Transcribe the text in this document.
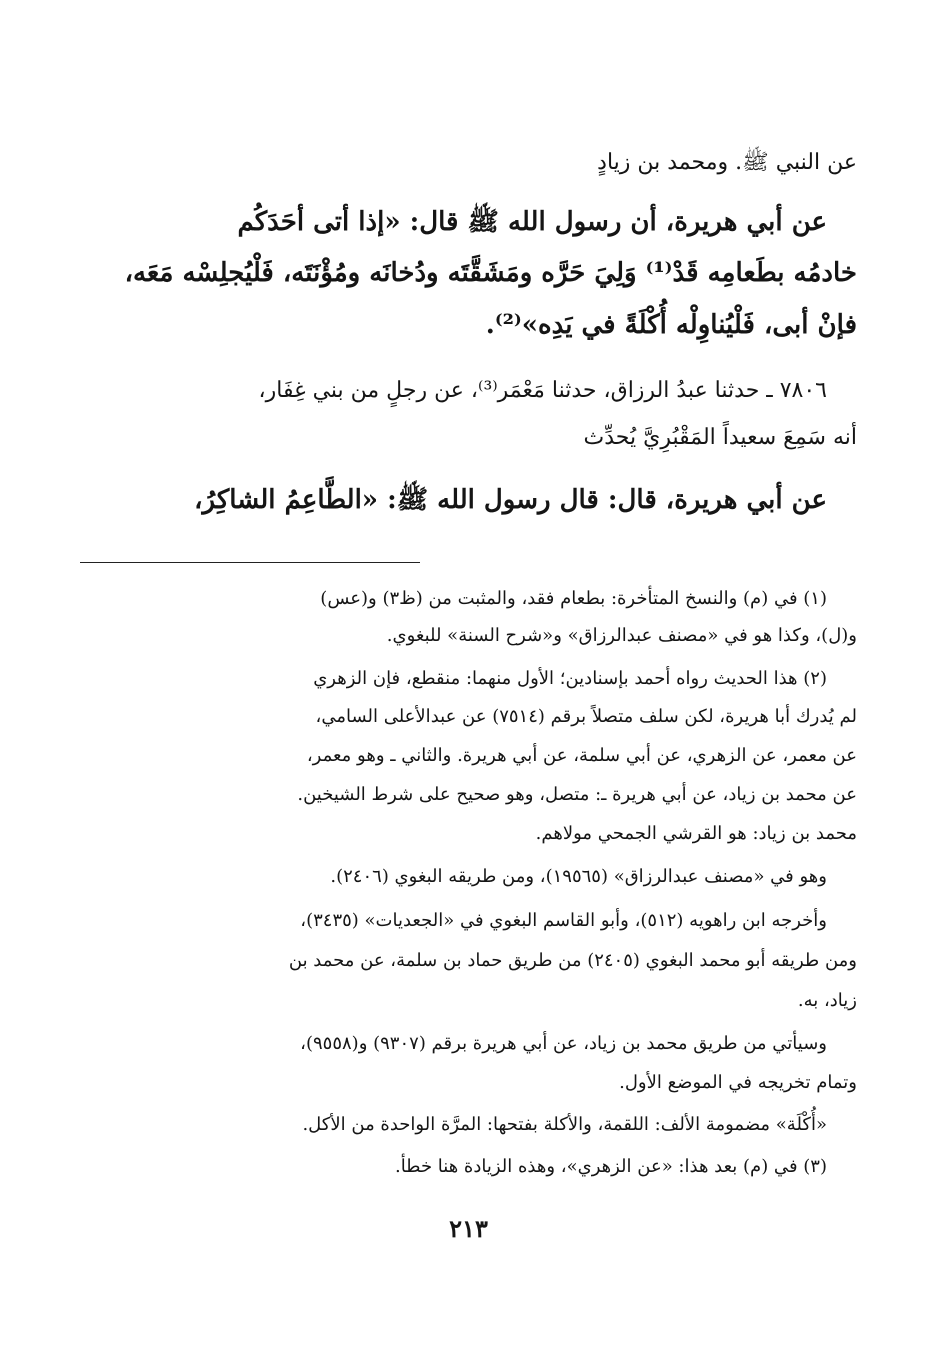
عن النبي ﷺ. ومحمد بن زيادٍ
عن أبي هريرة، أن رسول الله ﷺ قال: «إذا أتى أحَدَكُم
خادمُه بطَعامِه قَدْ⁽¹⁾ وَلِيَ حَرَّه ومَشَقَّتَه ودُخانَه ومُؤْنَتَه، فَلْيُجلِسْه مَعَه،
فإنْ أبى، فَلْيُناوِلْه أُكْلَةً في يَدِه»⁽²⁾.
٧٨٠٦ ـ حدثنا عبدُ الرزاق، حدثنا مَعْمَر⁽³⁾، عن رجلٍ من بني غِفَار،
أنه سَمِعَ سعيداً المَقْبُرِيَّ يُحدِّث
عن أبي هريرة، قال: قال رسول الله ﷺ: «الطَّاعِمُ الشاكِرُ،
(١) في (م) والنسخ المتأخرة: بطعام فقد، والمثبت من (ظ٣) و(عس)
و(ل)، وكذا هو في «مصنف عبدالرزاق» و«شرح السنة» للبغوي.
(٢) هذا الحديث رواه أحمد بإسنادين؛ الأول منهما: منقطع، فإن الزهري
لم يُدرك أبا هريرة، لكن سلف متصلاً برقم (٧٥١٤) عن عبدالأعلى السامي،
عن معمر، عن الزهري، عن أبي سلمة، عن أبي هريرة. والثاني ـ وهو معمر،
عن محمد بن زياد، عن أبي هريرة ـ: متصل، وهو صحيح على شرط الشيخين.
محمد بن زياد: هو القرشي الجمحي مولاهم.
وهو في «مصنف عبدالرزاق» (١٩٥٦٥)، ومن طريقه البغوي (٢٤٠٦).
وأخرجه ابن راهويه (٥١٢)، وأبو القاسم البغوي في «الجعديات» (٣٤٣٥)،
ومن طريقه أبو محمد البغوي (٢٤٠٥) من طريق حماد بن سلمة، عن محمد بن
زياد، به.
وسيأتي من طريق محمد بن زياد، عن أبي هريرة برقم (٩٣٠٧) و(٩٥٥٨)،
وتمام تخريجه في الموضع الأول.
«أُكْلَة» مضمومة الألف: اللقمة، والأكلة بفتحها: المرَّة الواحدة من الأكل.
(٣) في (م) بعد هذا: «عن الزهري»، وهذه الزيادة هنا خطأ.
٢١٣
